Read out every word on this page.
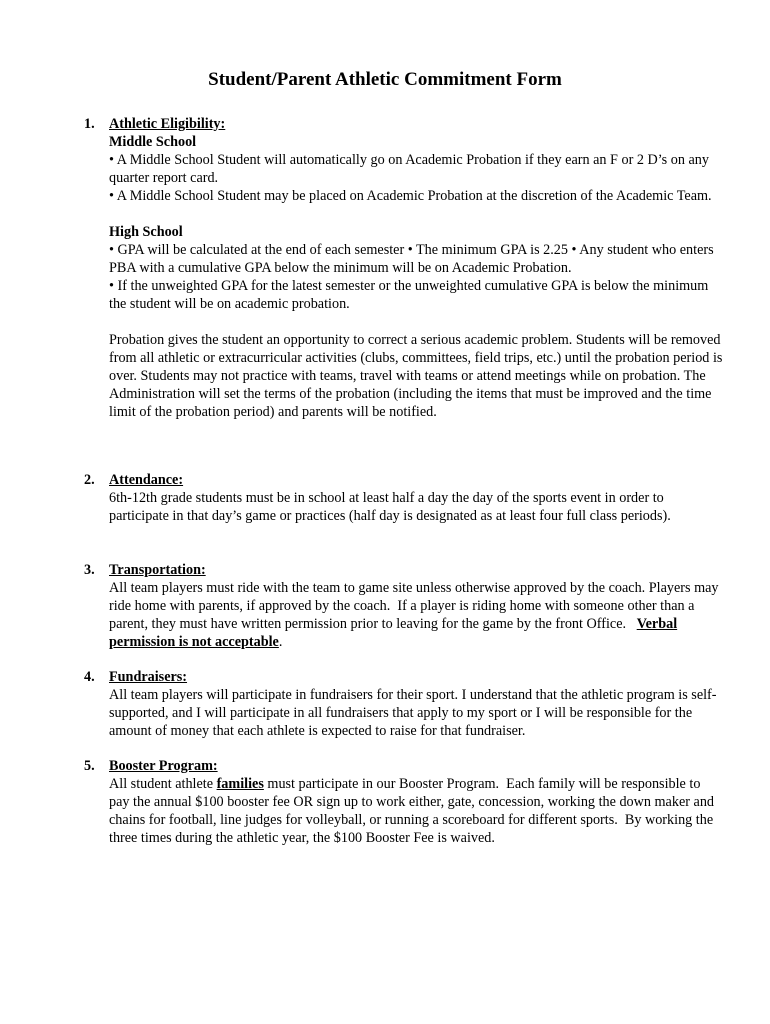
Student/Parent Athletic Commitment Form
1.	Athletic Eligibility:
Middle School

• A Middle School Student will automatically go on Academic Probation if they earn an F or 2 D’s on any quarter report card.

• A Middle School Student may be placed on Academic Probation at the discretion of the Academic Team.

High School

• GPA will be calculated at the end of each semester • The minimum GPA is 2.25 • Any student who enters PBA with a cumulative GPA below the minimum will be on Academic Probation.

• If the unweighted GPA for the latest semester or the unweighted cumulative GPA is below the minimum the student will be on academic probation.

Probation gives the student an opportunity to correct a serious academic problem. Students will be removed from all athletic or extracurricular activities (clubs, committees, field trips, etc.) until the probation period is over. Students may not practice with teams, travel with teams or attend meetings while on probation. The Administration will set the terms of the probation (including the items that must be improved and the time limit of the probation period) and parents will be notified.

2.	Attendance:

6th-12th grade students must be in school at least half a day the day of the sports event in order to participate in that day’s game or practices (half day is designated as at least four full class periods).

3.	Transportation:

All team players must ride with the team to game site unless otherwise approved by the coach. Players may ride home with parents, if approved by the coach.  If a player is riding home with someone other than a parent, they must have written permission prior to leaving for the game by the front Office.   Verbal permission is not acceptable.

4.	Fundraisers:

All team players will participate in fundraisers for their sport. I understand that the athletic program is self-supported, and I will participate in all fundraisers that apply to my sport or I will be responsible for the amount of money that each athlete is expected to raise for that fundraiser.

5.	Booster Program:

All student athlete families must participate in our Booster Program.  Each family will be responsible to pay the annual $100 booster fee OR sign up to work either, gate, concession, working the down maker and chains for football, line judges for volleyball, or running a scoreboard for different sports.  By working the three times during the athletic year, the $100 Booster Fee is waived.
